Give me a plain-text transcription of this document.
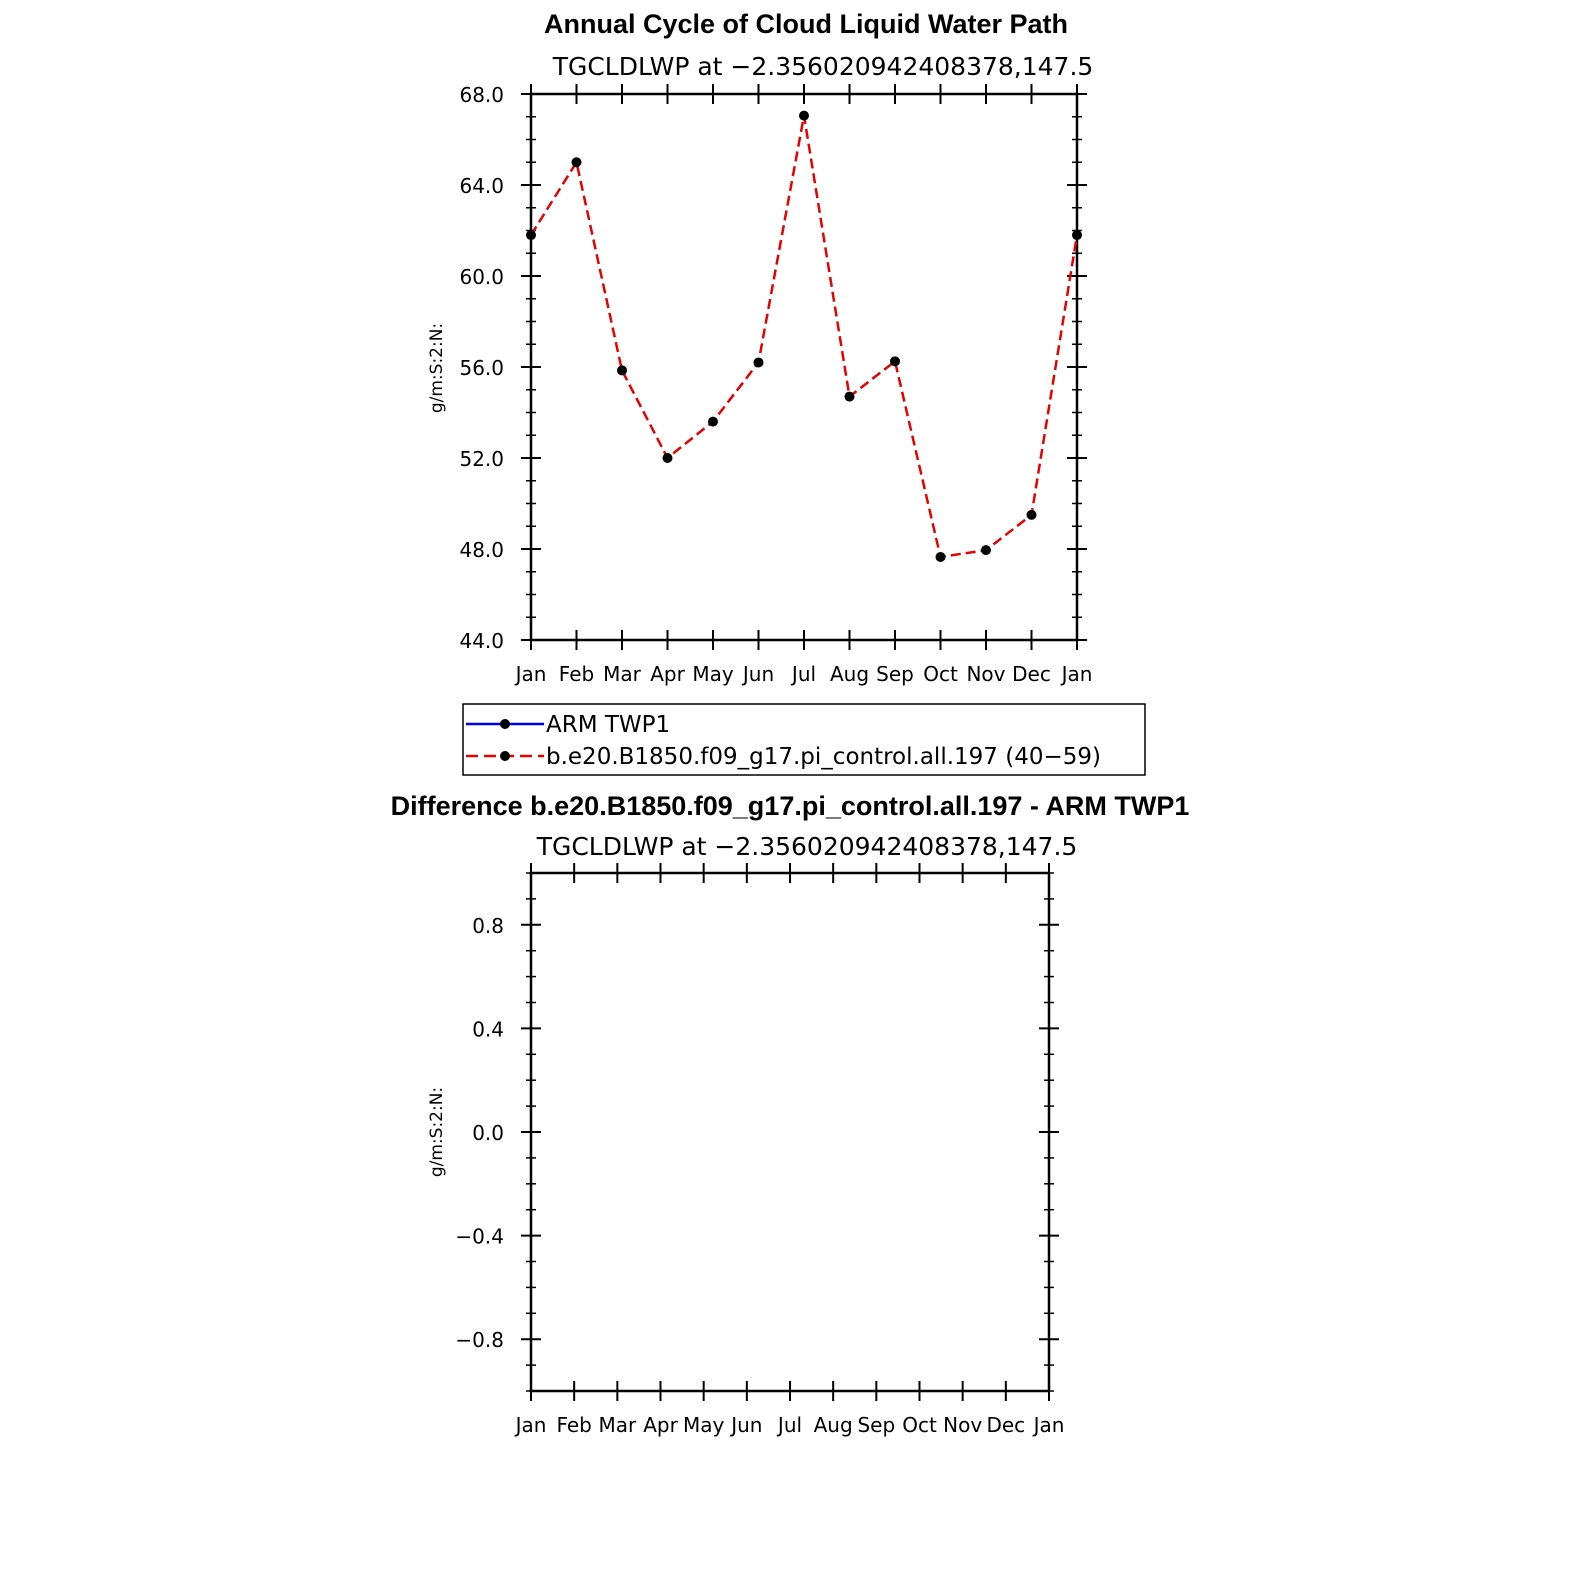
Annual Cycle of Cloud Liquid Water Path
TGCLDLWP at −2.356020942408378,147.5
g/m:S:2:N:
44.0
48.0
52.0
56.0
60.0
64.0
68.0
Jan Feb Mar Apr May Jun Jul Aug Sep Oct Nov Dec Jan
ARM TWP1
b.e20.B1850.f09_g17.pi_control.all.197 (40−59)
Difference b.e20.B1850.f09_g17.pi_control.all.197 - ARM TWP1
TGCLDLWP at −2.356020942408378,147.5
g/m:S:2:N:
−0.8
−0.4
0.0
0.4
0.8
Jan Feb Mar Apr May Jun Jul Aug Sep Oct Nov Dec Jan
